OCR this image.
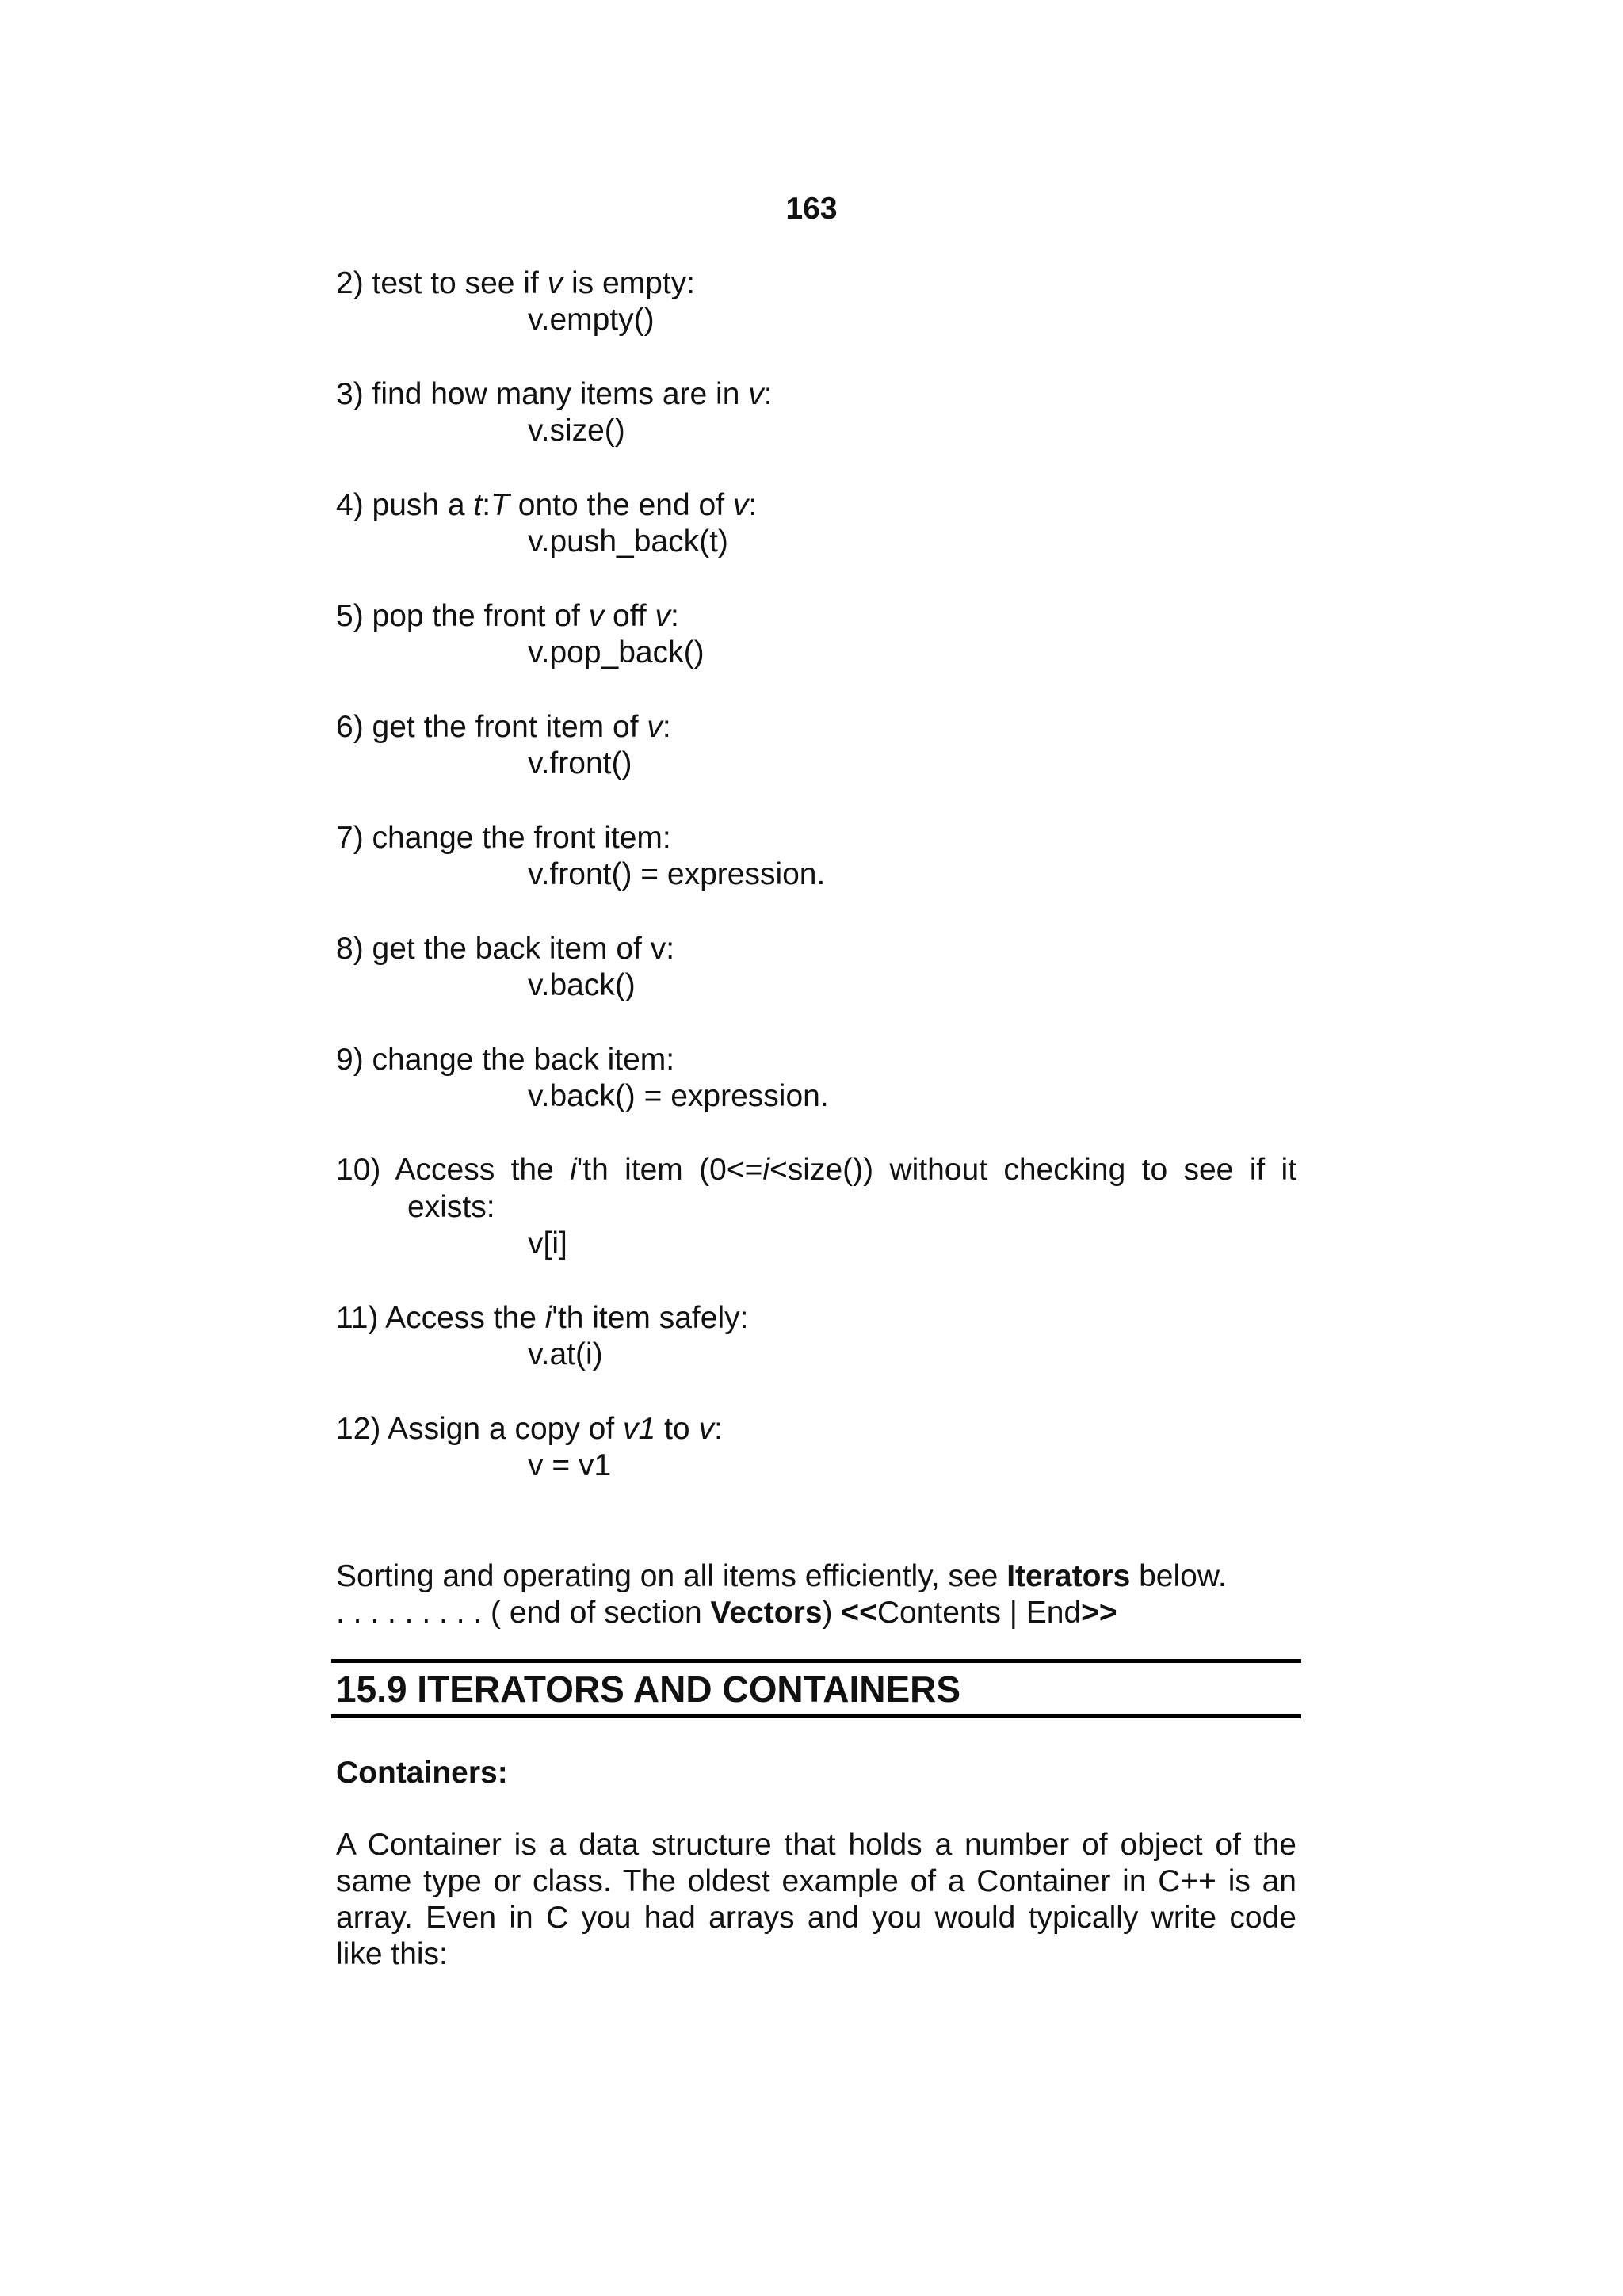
163
2) test to see if v is empty:
v.empty()
3) find how many items are in v:
v.size()
4) push a t:T onto the end of v:
v.push_back(t)
5) pop the front of v off v:
v.pop_back()
6) get the front item of v:
v.front()
7) change the front item:
v.front() = expression.
8) get the back item of v:
v.back()
9) change the back item:
v.back() = expression.
10) Access the i'th item (0<=i<size()) without checking to see if it
exists:
v[i]
11) Access the i'th item safely:
v.at(i)
12) Assign a copy of v1 to v:
v = v1
Sorting and operating on all items efficiently, see Iterators below.
. . . . . . . . . ( end of section Vectors) <<Contents | End>>
15.9 ITERATORS AND CONTAINERS
Containers:
A Container is a data structure that holds a number of object of the
same type or class. The oldest example of a Container in C++ is an
array. Even in C you had arrays and you would typically write code
like this:
